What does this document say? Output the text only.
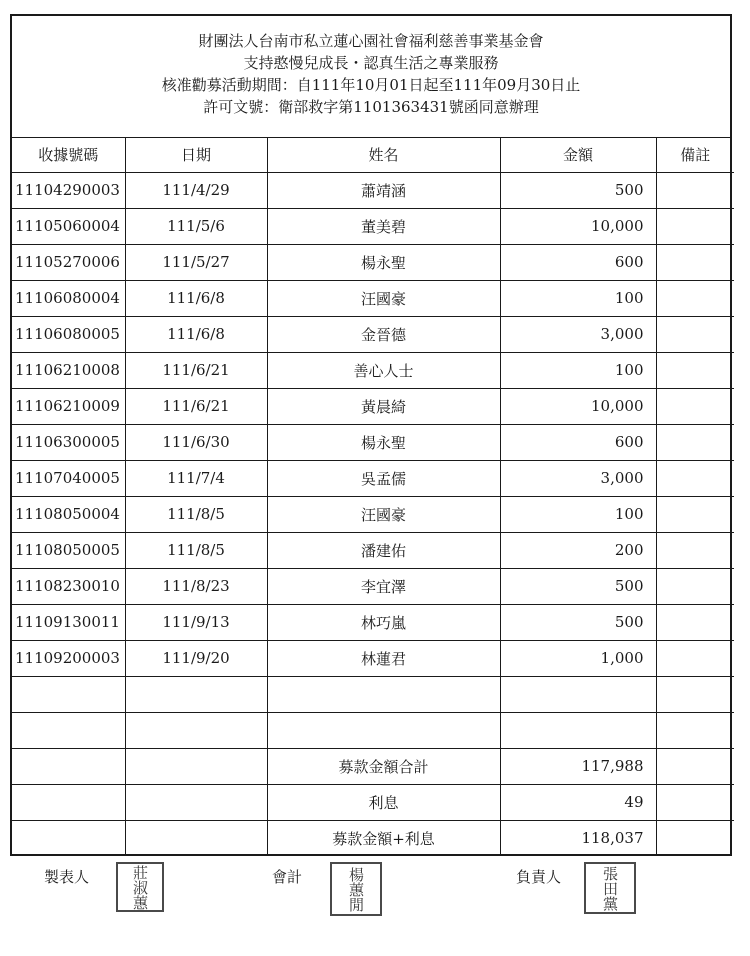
財團法人台南市私立蓮心園社會福利慈善事業基金會
支持憨慢兒成長・認真生活之專業服務
核准勸募活動期間：自111年10月01日起至111年09月30日止
許可文號：衛部救字第1101363431號函同意辦理
收據號碼	日期	姓名	金額	備註
11104290003	111/4/29	蕭靖涵	500	
11105060004	111/5/6	董美碧	10,000	
11105270006	111/5/27	楊永聖	600	
11106080004	111/6/8	汪國豪	100	
11106080005	111/6/8	金晉德	3,000	
11106210008	111/6/21	善心人士	100	
11106210009	111/6/21	黃晨綺	10,000	
11106300005	111/6/30	楊永聖	600	
11107040005	111/7/4	吳孟儒	3,000	
11108050004	111/8/5	汪國豪	100	
11108050005	111/8/5	潘建佑	200	
11108230010	111/8/23	李宜澤	500	
11109130011	111/9/13	林巧嵐	500	
11109200003	111/9/20	林蓮君	1,000	

		募款金額合計	117,988	
		利息	49	
		募款金額+利息	118,037	
製表人	莊淑蕙	會計	楊蕙閒	負責人	張田黨
